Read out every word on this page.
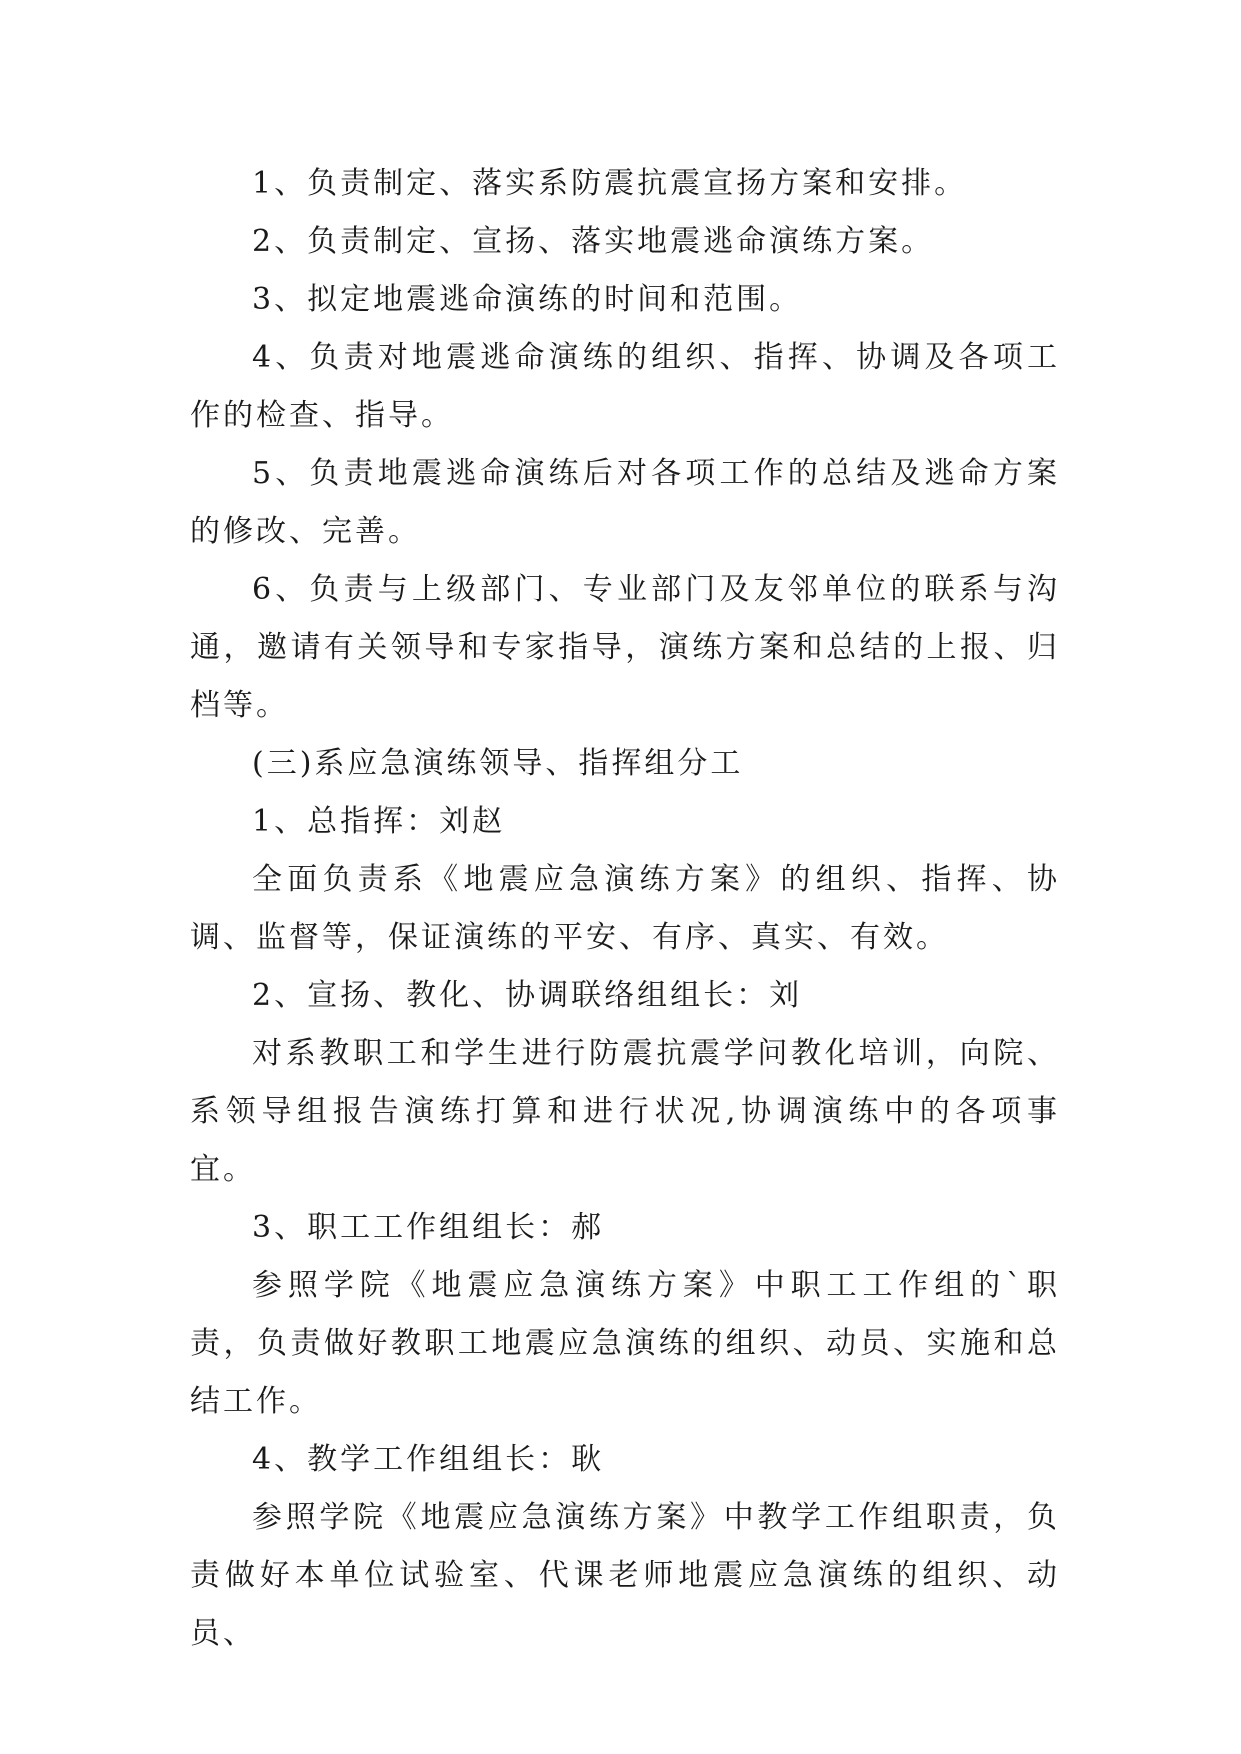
1、负责制定、落实系防震抗震宣扬方案和安排。

2、负责制定、宣扬、落实地震逃命演练方案。

3、拟定地震逃命演练的时间和范围。

4、负责对地震逃命演练的组织、指挥、协调及各项工作的检查、指导。

5、负责地震逃命演练后对各项工作的总结及逃命方案的修改、完善。

6、负责与上级部门、专业部门及友邻单位的联系与沟通，邀请有关领导和专家指导，演练方案和总结的上报、归档等。

(三)系应急演练领导、指挥组分工

1、总指挥：刘赵

全面负责系《地震应急演练方案》的组织、指挥、协调、监督等，保证演练的平安、有序、真实、有效。

2、宣扬、教化、协调联络组组长：刘

对系教职工和学生进行防震抗震学问教化培训，向院、系领导组报告演练打算和进行状况,协调演练中的各项事宜。

3、职工工作组组长：郝

参照学院《地震应急演练方案》中职工工作组的`职责，负责做好教职工地震应急演练的组织、动员、实施和总结工作。

4、教学工作组组长：耿

参照学院《地震应急演练方案》中教学工作组职责，负责做好本单位试验室、代课老师地震应急演练的组织、动员、
